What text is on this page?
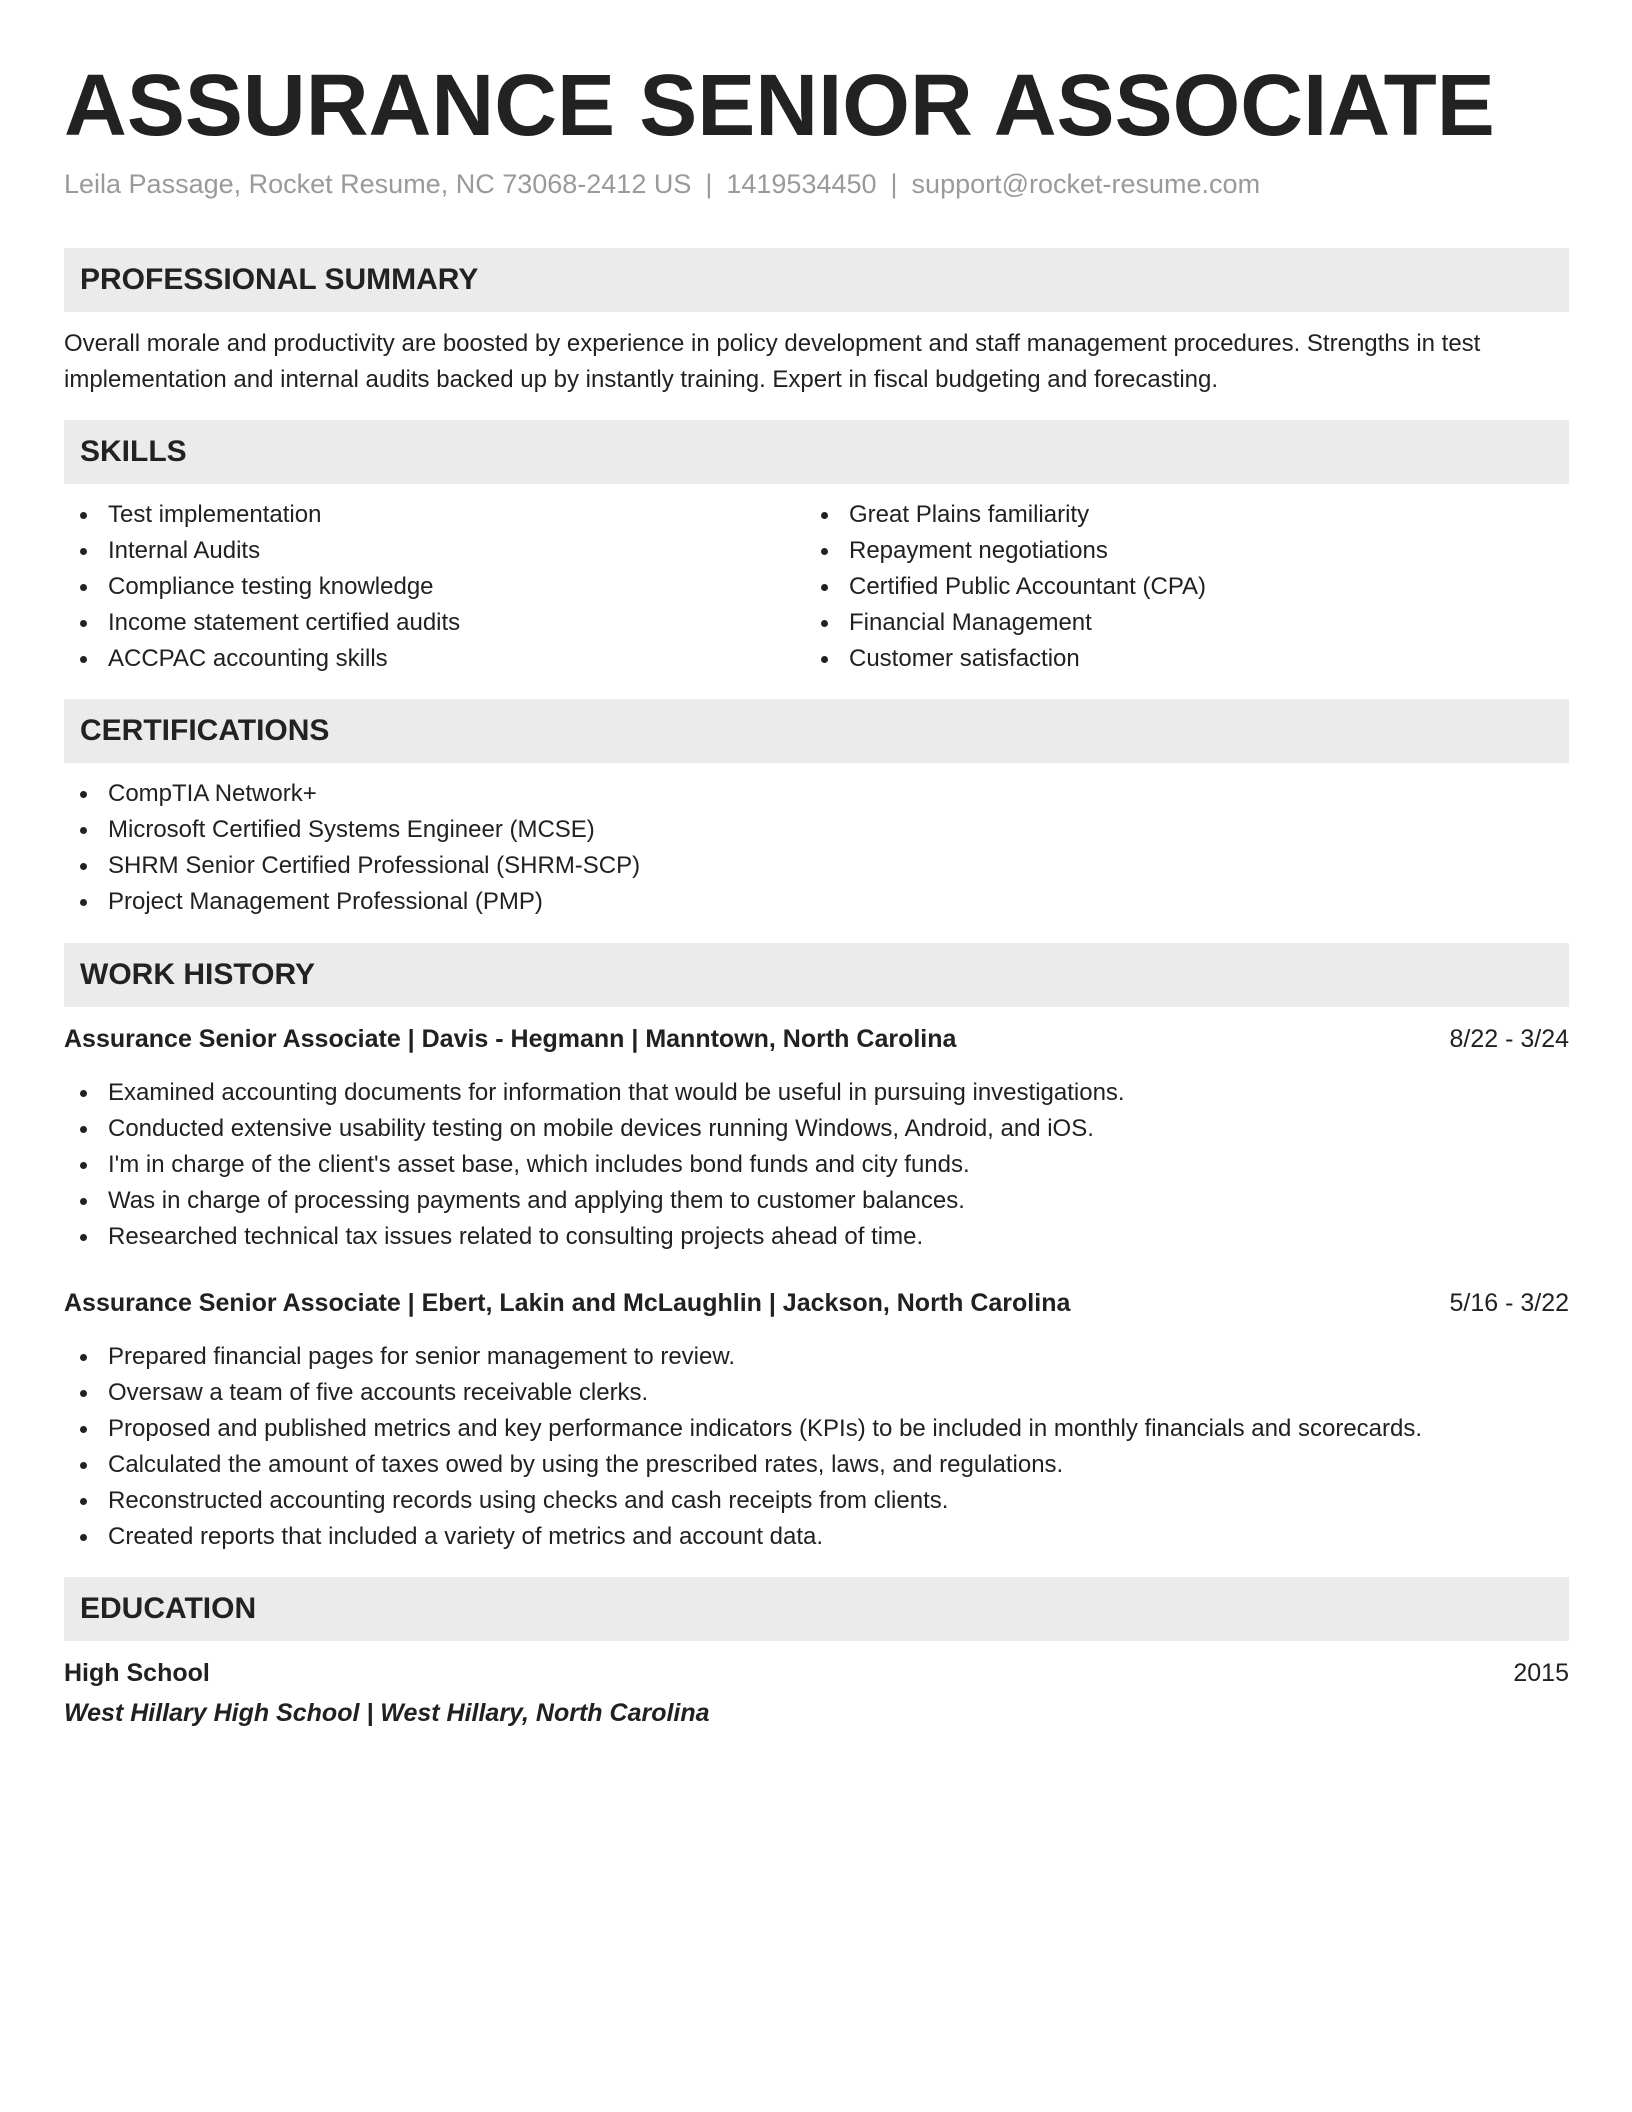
ASSURANCE SENIOR ASSOCIATE
Leila Passage, Rocket Resume, NC 73068-2412 US | 1419534450 | support@rocket-resume.com
PROFESSIONAL SUMMARY

Overall morale and productivity are boosted by experience in policy development and staff management procedures. Strengths in test implementation and internal audits backed up by instantly training. Expert in fiscal budgeting and forecasting.

SKILLS
Test implementation
Internal Audits
Compliance testing knowledge
Income statement certified audits
ACCPAC accounting skills
Great Plains familiarity
Repayment negotiations
Certified Public Accountant (CPA)
Financial Management
Customer satisfaction
CERTIFICATIONS
CompTIA Network+
Microsoft Certified Systems Engineer (MCSE)
SHRM Senior Certified Professional (SHRM-SCP)
Project Management Professional (PMP)
WORK HISTORY
Assurance Senior Associate | Davis - Hegmann | Manntown, North Carolina	8/22 - 3/24
Examined accounting documents for information that would be useful in pursuing investigations.
Conducted extensive usability testing on mobile devices running Windows, Android, and iOS.
I'm in charge of the client's asset base, which includes bond funds and city funds.
Was in charge of processing payments and applying them to customer balances.
Researched technical tax issues related to consulting projects ahead of time.
Assurance Senior Associate | Ebert, Lakin and McLaughlin | Jackson, North Carolina	5/16 - 3/22
Prepared financial pages for senior management to review.
Oversaw a team of five accounts receivable clerks.
Proposed and published metrics and key performance indicators (KPIs) to be included in monthly financials and scorecards.
Calculated the amount of taxes owed by using the prescribed rates, laws, and regulations.
Reconstructed accounting records using checks and cash receipts from clients.
Created reports that included a variety of metrics and account data.
EDUCATION
High School	2015
West Hillary High School | West Hillary, North Carolina
